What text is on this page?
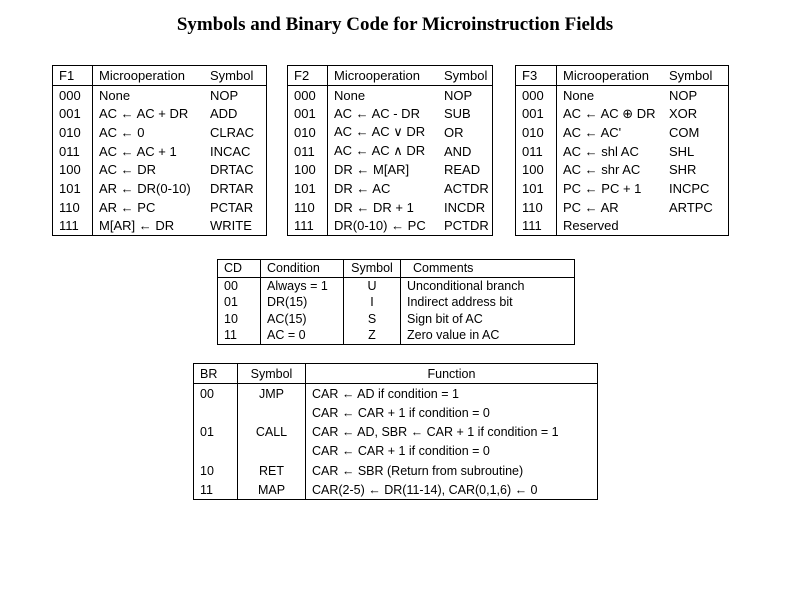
Symbols and Binary Code for Microinstruction Fields
F1	Microoperation	Symbol
000	None	NOP
001	AC ← AC + DR	ADD
010	AC ← 0	CLRAC
011	AC ← AC + 1	INCAC
100	AC ← DR	DRTAC
101	AR ← DR(0-10)	DRTAR
110	AR ← PC	PCTAR
111	M[AR] ← DR	WRITE
F2	Microoperation	Symbol
000	None	NOP
001	AC ← AC - DR	SUB
010	AC ← AC ∨ DR	OR
011	AC ← AC ∧ DR	AND
100	DR ← M[AR]	READ
101	DR ← AC	ACTDR
110	DR ← DR + 1	INCDR
111	DR(0-10) ← PC	PCTDR
F3	Microoperation	Symbol
000	None	NOP
001	AC ← AC ⊕ DR	XOR
010	AC ← AC'	COM
011	AC ← shl AC	SHL
100	AC ← shr AC	SHR
101	PC ← PC + 1	INCPC
110	PC ← AR	ARTPC
111	Reserved	
CD	Condition	Symbol	Comments
00	Always = 1	U	Unconditional branch
01	DR(15)	I	Indirect address bit
10	AC(15)	S	Sign bit of AC
11	AC = 0	Z	Zero value in AC
BR	Symbol	Function
00	JMP	CAR ← AD if condition = 1
		CAR ← CAR + 1 if condition = 0
01	CALL	CAR ← AD, SBR ← CAR + 1 if condition = 1
		CAR ← CAR + 1 if condition = 0
10	RET	CAR ← SBR (Return from subroutine)
11	MAP	CAR(2-5) ← DR(11-14), CAR(0,1,6) ← 0
